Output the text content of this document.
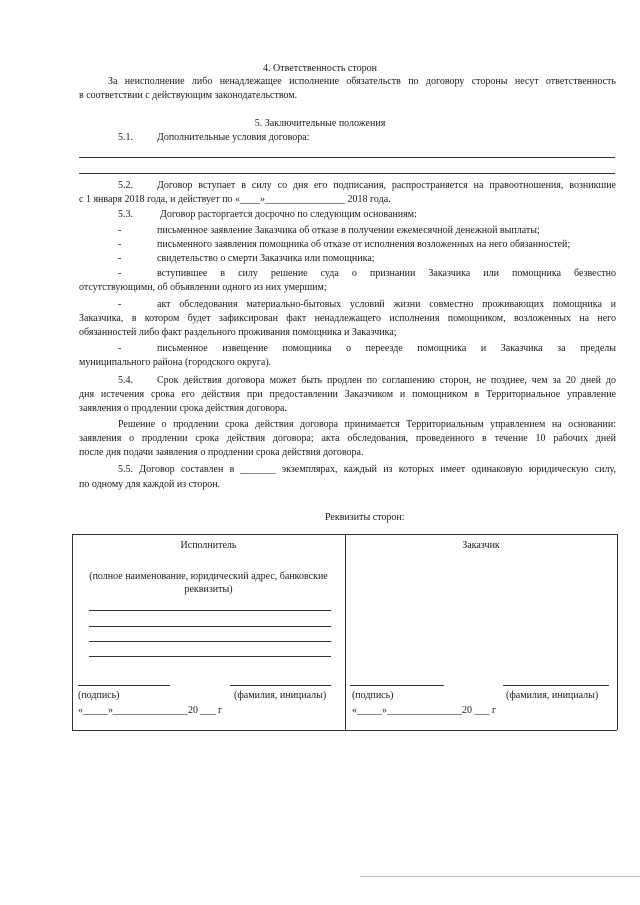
4. Ответственность сторон
За неисполнение либо ненадлежащее исполнение обязательств по договору стороны несут ответственность
в соответствии с действующим законодательством.
5. Заключительные положения
5.1. Дополнительные условия договора:
5.2. Договор вступает в силу со дня его подписания, распространяется на правоотношения, возникшие
с 1 января 2018 года, и действует по «____»________________ 2018 года.
5.3.	Договор расторгается досрочно по следующим основаниям:
-	письменное заявление Заказчика об отказе в получении ежемесячной денежной выплаты;
-	письменного заявления помощника об отказе от исполнения возложенных на него обязанностей;
-	свидетельство о смерти Заказчика или помощника;
-	вступившее в силу решение суда о признании Заказчика или помощника безвестно
отсутствующими, об объявлении одного из них умершим;
-	акт обследования материально-бытовых условий жизни совместно проживающих помощника и
Заказчика, в котором будет зафиксирован факт ненадлежащего исполнения помощником, возложенных на него
обязанностей либо факт раздельного проживания помощника и Заказчика;
-	письменное извещение помощника о переезде помощника и Заказчика за пределы
муниципального района (городского округа).
5.4. Срок действия договора может быть продлен по соглашению сторон, не позднее, чем за 20 дней до
дня истечения срока его действия при предоставлении Заказчиком и помощником в Территориальное управление
заявления о продлении срока действия договора.
Решение о продлении срока действия договора принимается Территориальным управлением на основании:
заявления о продлении срока действия договора; акта обследования, проведенного в течение 10 рабочих дней
после дня подачи заявления о продлении срока действия договора.
5.5. Договор составлен в _______ экземплярах, каждый из которых имеет одинаковую юридическую силу,
по одному для каждой из сторон.
Реквизиты сторон:
Исполнитель
(полное наименование, юридический адрес, банковские
реквизиты)
(подпись)	(фамилия, инициалы)
«_____»_______________20 ___ г
Заказчик
(подпись)	(фамилия, инициалы)
«_____»_______________20 ___ г
